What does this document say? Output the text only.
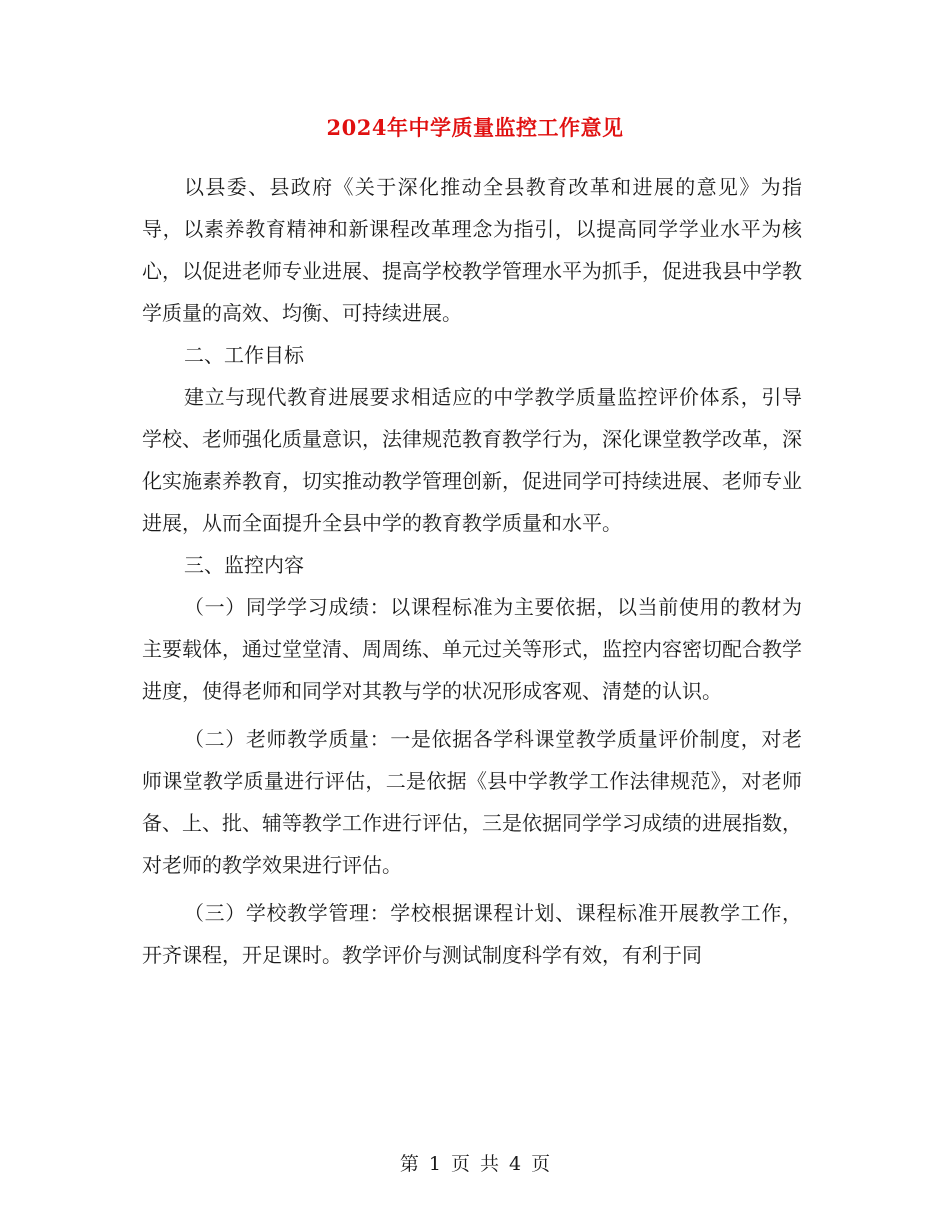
2024年中学质量监控工作意见

以县委、县政府《关于深化推动全县教育改革和进展的意见》为指导，以素养教育精神和新课程改革理念为指引，以提高同学学业水平为核心，以促进老师专业进展、提高学校教学管理水平为抓手，促进我县中学教学质量的高效、均衡、可持续进展。

二、工作目标

建立与现代教育进展要求相适应的中学教学质量监控评价体系，引导学校、老师强化质量意识，法律规范教育教学行为，深化课堂教学改革，深化实施素养教育，切实推动教学管理创新，促进同学可持续进展、老师专业进展，从而全面提升全县中学的教育教学质量和水平。

三、监控内容

（一）同学学习成绩：以课程标准为主要依据，以当前使用的教材为主要载体，通过堂堂清、周周练、单元过关等形式，监控内容密切配合教学进度，使得老师和同学对其教与学的状况形成客观、清楚的认识。

（二）老师教学质量：一是依据各学科课堂教学质量评价制度，对老师课堂教学质量进行评估，二是依据《县中学教学工作法律规范》，对老师备、上、批、辅等教学工作进行评估，三是依据同学学习成绩的进展指数，对老师的教学效果进行评估。

（三）学校教学管理：学校根据课程计划、课程标准开展教学工作，开齐课程，开足课时。教学评价与测试制度科学有效，有利于同

第 1 页 共 4 页
